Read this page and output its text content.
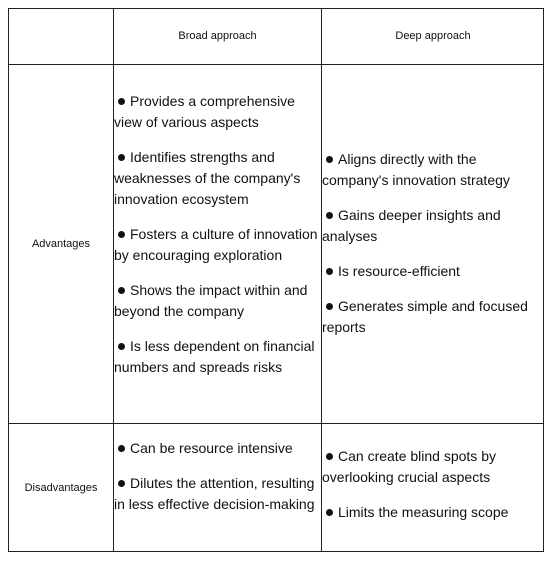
Broad approach	Deep approach
Advantages
Disadvantages
Provides a comprehensive view of various aspects
Identifies strengths and weaknesses of the company's innovation ecosystem
Fosters a culture of innovation by encouraging exploration
Shows the impact within and beyond the company
Is less dependent on financial numbers and spreads risks
Aligns directly with the company's innovation strategy
Gains deeper insights and analyses
Is resource-efficient
Generates simple and focused reports
Can be resource intensive
Dilutes the attention, resulting in less effective decision-making
Can create blind spots by overlooking crucial aspects
Limits the measuring scope
